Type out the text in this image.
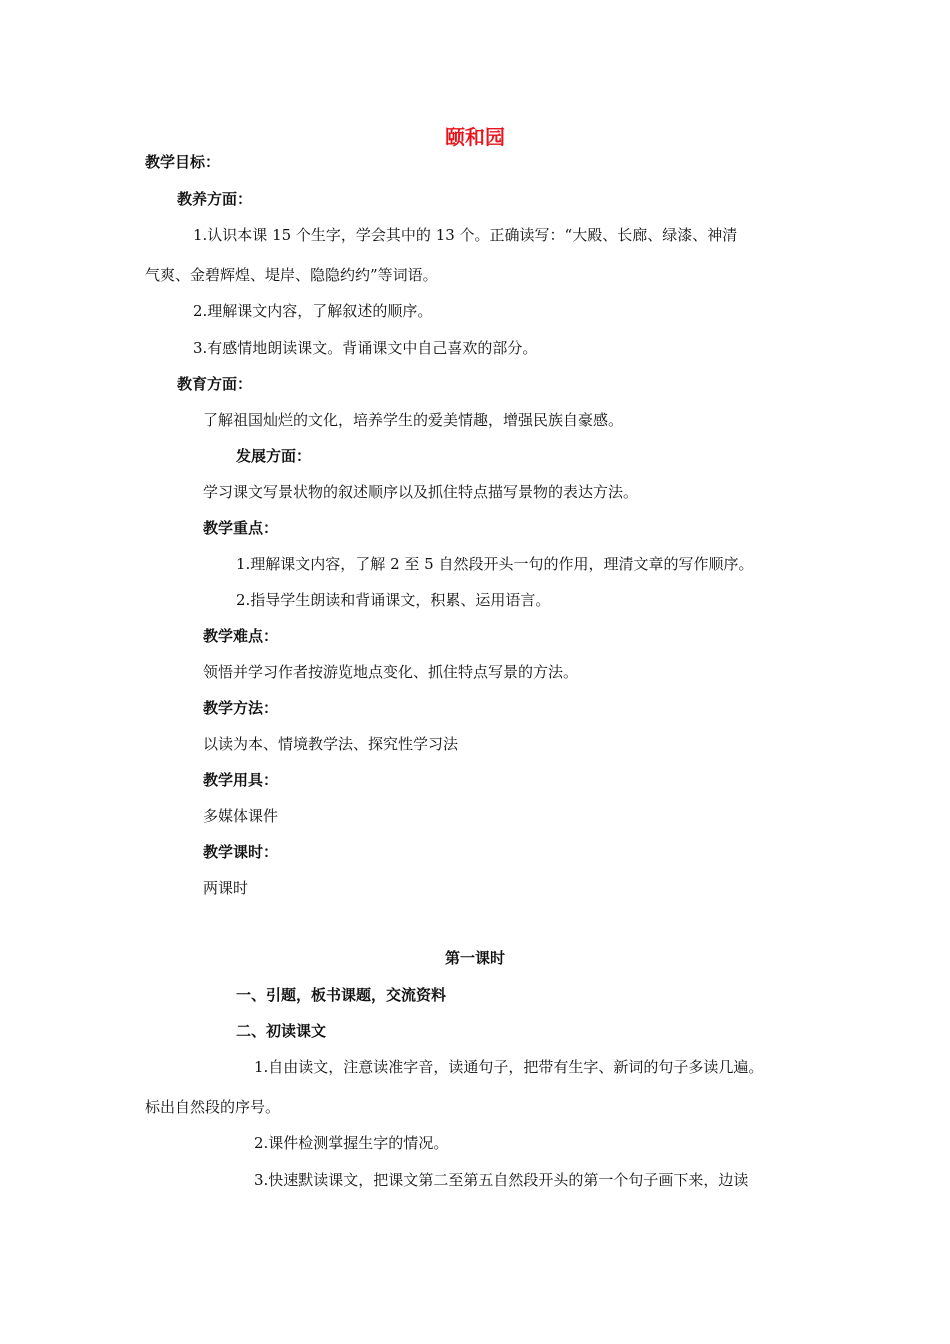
颐和园
教学目标：
教养方面：
1.认识本课 15 个生字，学会其中的 13 个。正确读写：“大殿、长廊、绿漆、神清
气爽、金碧辉煌、堤岸、隐隐约约”等词语。
2.理解课文内容，了解叙述的顺序。
3.有感情地朗读课文。背诵课文中自己喜欢的部分。
教育方面：
了解祖国灿烂的文化，培养学生的爱美情趣，增强民族自豪感。
发展方面：
学习课文写景状物的叙述顺序以及抓住特点描写景物的表达方法。
教学重点：
1.理解课文内容，了解 2 至 5 自然段开头一句的作用，理清文章的写作顺序。
2.指导学生朗读和背诵课文，积累、运用语言。
教学难点：
领悟并学习作者按游览地点变化、抓住特点写景的方法。
教学方法：
以读为本、情境教学法、探究性学习法
教学用具：
多媒体课件
教学课时：
两课时
第一课时
一、引题，板书课题，交流资料
二、初读课文
1.自由读文，注意读准字音，读通句子，把带有生字、新词的句子多读几遍。
标出自然段的序号。
2.课件检测掌握生字的情况。
3.快速默读课文，把课文第二至第五自然段开头的第一个句子画下来，边读
